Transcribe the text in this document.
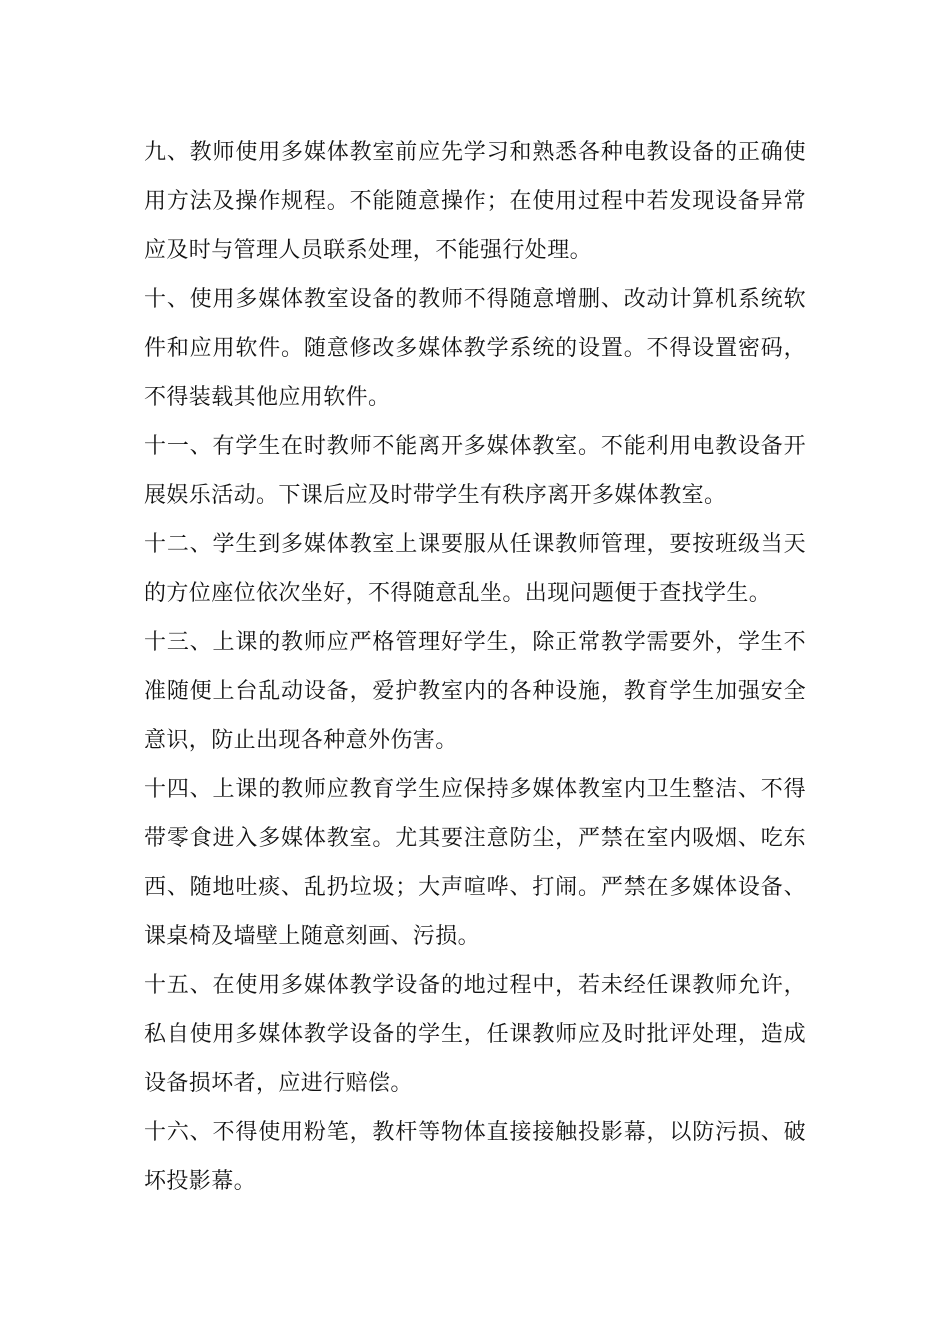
九、教师使用多媒体教室前应先学习和熟悉各种电教设备的正确使用方法及操作规程。不能随意操作；在使用过程中若发现设备异常应及时与管理人员联系处理，不能强行处理。

十、使用多媒体教室设备的教师不得随意增删、改动计算机系统软件和应用软件。随意修改多媒体教学系统的设置。不得设置密码，不得装载其他应用软件。

十一、有学生在时教师不能离开多媒体教室。不能利用电教设备开展娱乐活动。下课后应及时带学生有秩序离开多媒体教室。

十二、学生到多媒体教室上课要服从任课教师管理，要按班级当天的方位座位依次坐好，不得随意乱坐。出现问题便于查找学生。

十三、上课的教师应严格管理好学生，除正常教学需要外，学生不准随便上台乱动设备，爱护教室内的各种设施，教育学生加强安全意识，防止出现各种意外伤害。

十四、上课的教师应教育学生应保持多媒体教室内卫生整洁、不得带零食进入多媒体教室。尤其要注意防尘，严禁在室内吸烟、吃东西、随地吐痰、乱扔垃圾；大声喧哗、打闹。严禁在多媒体设备、课桌椅及墙壁上随意刻画、污损。

十五、在使用多媒体教学设备的地过程中，若未经任课教师允许，私自使用多媒体教学设备的学生，任课教师应及时批评处理，造成设备损坏者，应进行赔偿。

十六、不得使用粉笔，教杆等物体直接接触投影幕，以防污损、破坏投影幕。
